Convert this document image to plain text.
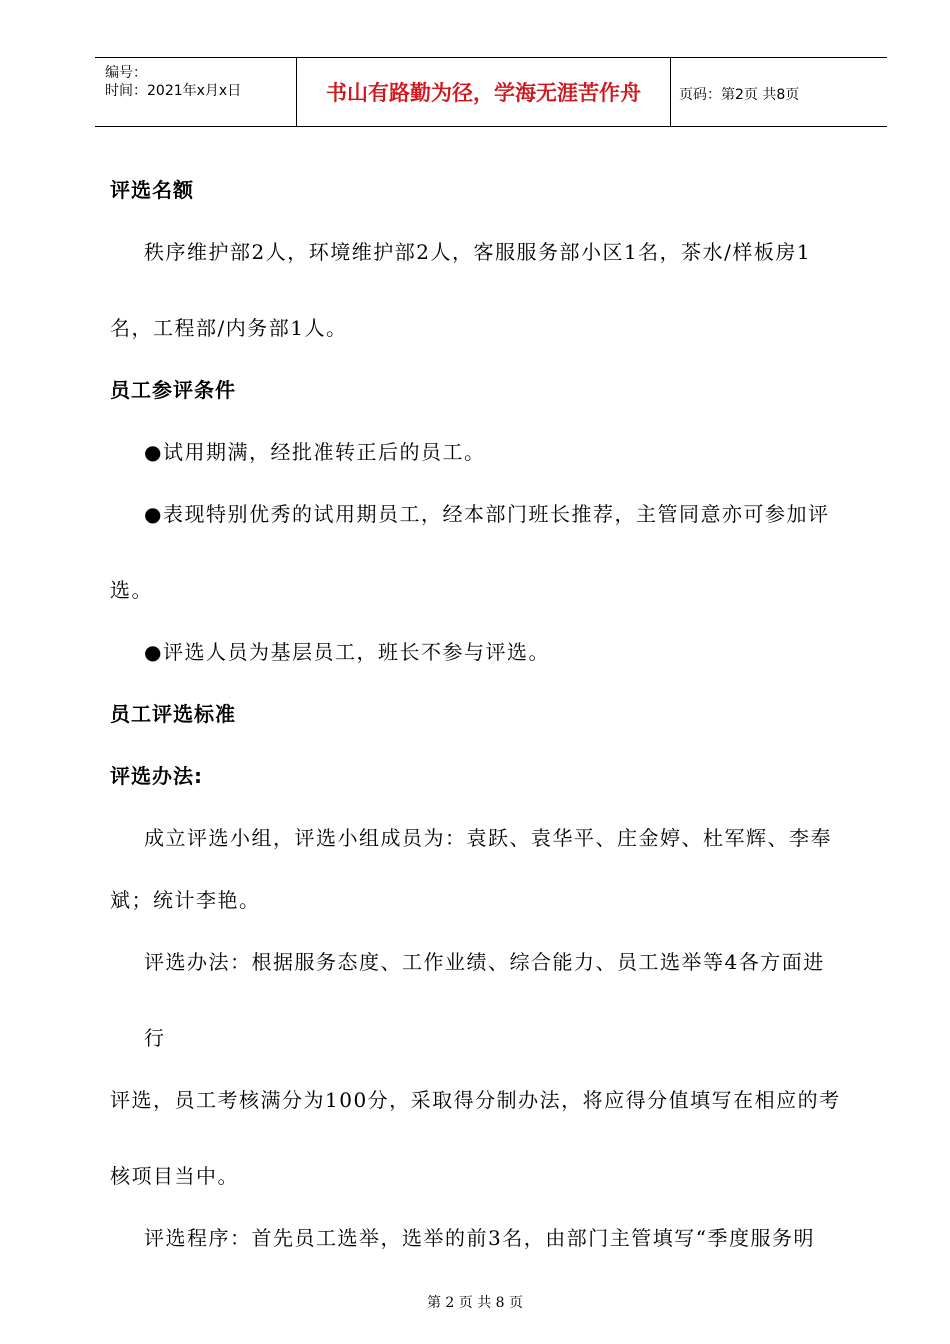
编号：
时间：2021年x月x日	书山有路勤为径，学海无涯苦作舟	页码：第2页 共8页
评选名额
秩序维护部2人，环境维护部2人，客服服务部小区1名，茶水/样板房1
名，工程部/内务部1人。
员工参评条件
●试用期满，经批准转正后的员工。
●表现特别优秀的试用期员工，经本部门班长推荐，主管同意亦可参加评
选。
●评选人员为基层员工，班长不参与评选。
员工评选标准
评选办法:
成立评选小组，评选小组成员为：袁跃、袁华平、庄金婷、杜军辉、李奉
斌；统计李艳。
评选办法：根据服务态度、工作业绩、综合能力、员工选举等4各方面进
行
评选，员工考核满分为100分，采取得分制办法，将应得分值填写在相应的考
核项目当中。
评选程序：首先员工选举，选举的前3名，由部门主管填写“季度服务明
第 2 页 共 8 页
